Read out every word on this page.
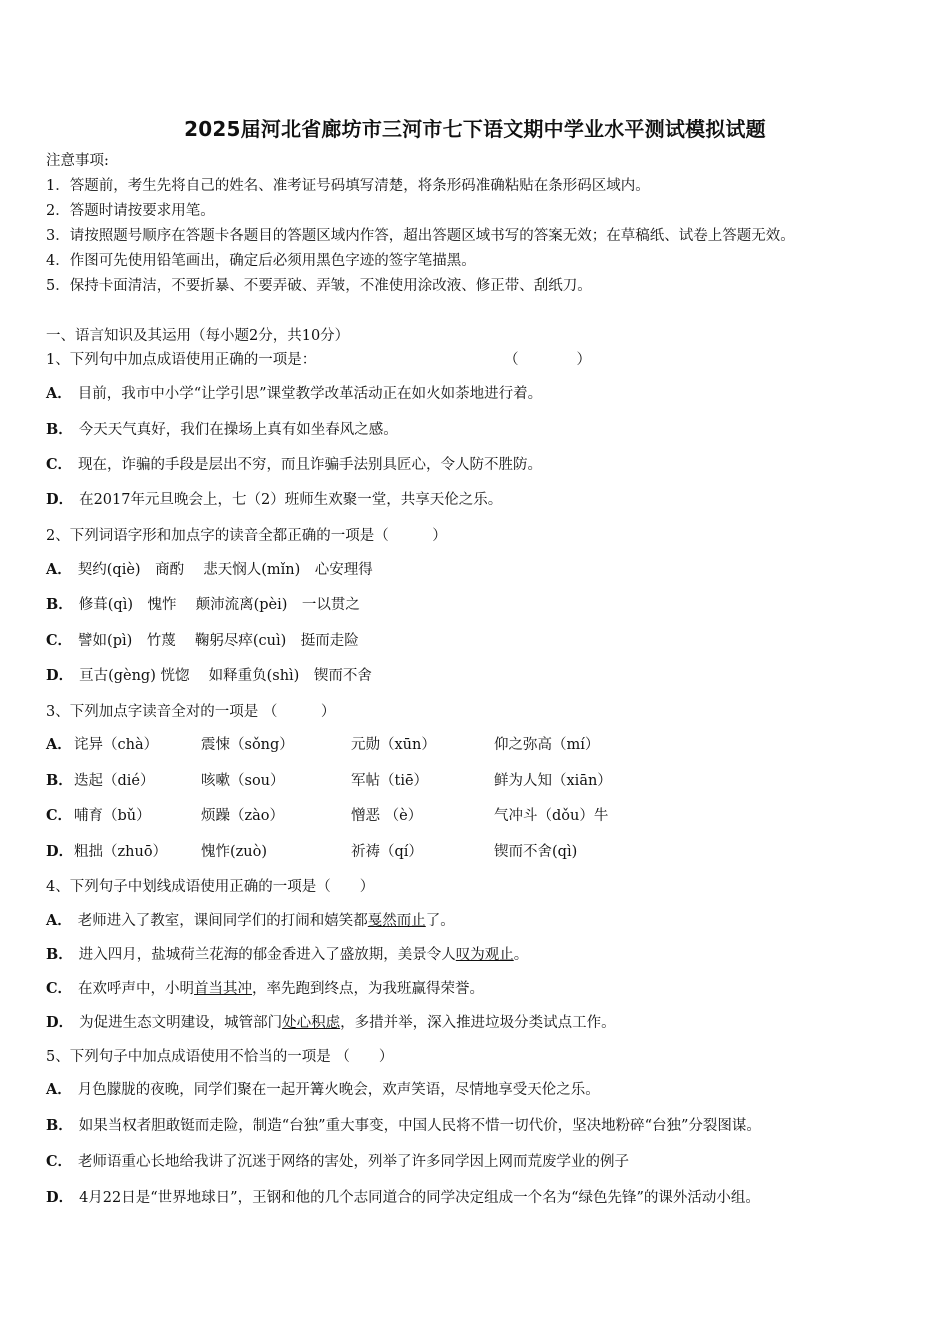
2025届河北省廊坊市三河市七下语文期中学业水平测试模拟试题
注意事项:
1．答题前，考生先将自己的姓名、准考证号码填写清楚，将条形码准确粘贴在条形码区域内。
2．答题时请按要求用笔。
3．请按照题号顺序在答题卡各题目的答题区域内作答，超出答题区域书写的答案无效；在草稿纸、试卷上答题无效。
4．作图可先使用铅笔画出，确定后必须用黑色字迹的签字笔描黑。
5．保持卡面清洁，不要折暴、不要弄破、弄皱，不准使用涂改液、修正带、刮纸刀。
一、语言知识及其运用（每小题2分，共10分）
1、下列句中加点成语使用正确的一项是：	（　　　　）
A． 目前，我市中小学“让学引思”课堂教学改革活动正在如火如荼地进行着。
B． 今天天气真好，我们在操场上真有如坐春风之感。
C． 现在，诈骗的手段是层出不穷，而且诈骗手法别具匠心，令人防不胜防。
D． 在2017年元旦晚会上，七（2）班师生欢聚一堂，共享天伦之乐。
2、下列词语字形和加点字的读音全都正确的一项是（　　　）
A． 契约(qiè)　商酌　 悲天悯人(mǐn)　心安理得
B． 修葺(qì)　愧怍　 颠沛流离(pèi)　一以贯之
C． 譬如(pì)　竹蔑　 鞠躬尽瘁(cuì)　挺而走险
D． 亘古(gèng) 恍惚　 如释重负(shì)　锲而不舍
3、下列加点字读音全对的一项是 （　　　）
A． 诧异（chà）	震悚（sǒng）	元勋（xūn）	仰之弥高（mí）
B． 迭起（dié）	咳嗽（sou）	军帖（tiē）	鲜为人知（xiān）
C． 哺育（bǔ）	烦躁（zào）	憎恶 （è）	气冲斗（dǒu）牛
D． 粗拙（zhuō） 愧怍(zuò)	祈祷（qí）	锲而不舍(qì)
4、下列句子中划线成语使用正确的一项是（　　）
A． 老师进入了教室，课间同学们的打闹和嬉笑都戛然而止了。
B． 进入四月，盐城荷兰花海的郁金香进入了盛放期，美景令人叹为观止。
C． 在欢呼声中，小明首当其冲，率先跑到终点，为我班赢得荣誉。
D． 为促进生态文明建设，城管部门处心积虑，多措并举，深入推进垃圾分类试点工作。
5、下列句子中加点成语使用不恰当的一项是 （　　）
A． 月色朦胧的夜晚，同学们聚在一起开篝火晚会，欢声笑语，尽情地享受天伦之乐。
B． 如果当权者胆敢铤而走险，制造“台独”重大事变，中国人民将不惜一切代价，坚决地粉碎“台独”分裂图谋。
C． 老师语重心长地给我讲了沉迷于网络的害处，列举了许多同学因上网而荒废学业的例子
D． 4月22日是“世界地球日”，王钢和他的几个志同道合的同学决定组成一个名为“绿色先锋”的课外活动小组。
